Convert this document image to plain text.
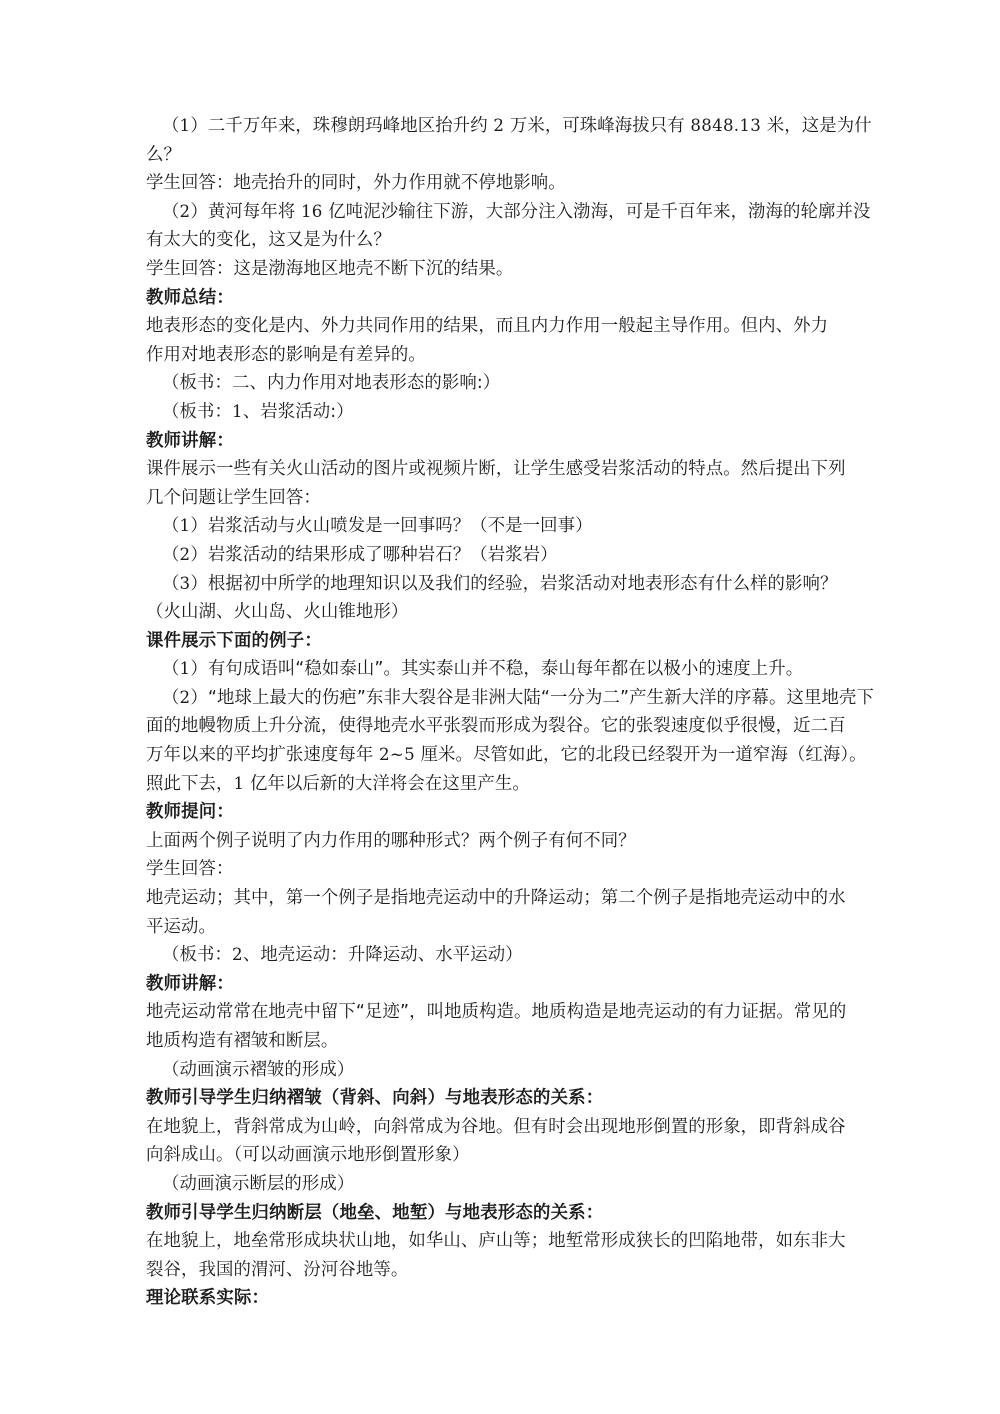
（1）二千万年来，珠穆朗玛峰地区抬升约 2 万米，可珠峰海拔只有 8848.13 米，这是为什
么？
学生回答：地壳抬升的同时，外力作用就不停地影响。
（2）黄河每年将 16 亿吨泥沙输往下游，大部分注入渤海，可是千百年来，渤海的轮廓并没
有太大的变化，这又是为什么？
学生回答：这是渤海地区地壳不断下沉的结果。
教师总结：
地表形态的变化是内、外力共同作用的结果，而且内力作用一般起主导作用。但内、外力
作用对地表形态的影响是有差异的。
（板书：二、内力作用对地表形态的影响:）
（板书：1、岩浆活动:）
教师讲解：
课件展示一些有关火山活动的图片或视频片断，让学生感受岩浆活动的特点。然后提出下列
几个问题让学生回答：
（1）岩浆活动与火山喷发是一回事吗？（不是一回事）
（2）岩浆活动的结果形成了哪种岩石？（岩浆岩）
（3）根据初中所学的地理知识以及我们的经验，岩浆活动对地表形态有什么样的影响？
（火山湖、火山岛、火山锥地形）
课件展示下面的例子：
（1）有句成语叫“稳如泰山”。其实泰山并不稳，泰山每年都在以极小的速度上升。
（2）“地球上最大的伤疤”东非大裂谷是非洲大陆“一分为二”产生新大洋的序幕。这里地壳下
面的地幔物质上升分流，使得地壳水平张裂而形成为裂谷。它的张裂速度似乎很慢，近二百
万年以来的平均扩张速度每年 2~5 厘米。尽管如此，它的北段已经裂开为一道窄海（红海）。
照此下去，1 亿年以后新的大洋将会在这里产生。
教师提问：
上面两个例子说明了内力作用的哪种形式？两个例子有何不同？
学生回答：
地壳运动；其中，第一个例子是指地壳运动中的升降运动；第二个例子是指地壳运动中的水
平运动。
（板书：2、地壳运动：升降运动、水平运动）
教师讲解：
地壳运动常常在地壳中留下“足迹”，叫地质构造。地质构造是地壳运动的有力证据。常见的
地质构造有褶皱和断层。
（动画演示褶皱的形成）
教师引导学生归纳褶皱（背斜、向斜）与地表形态的关系：
在地貌上，背斜常成为山岭，向斜常成为谷地。但有时会出现地形倒置的形象，即背斜成谷
向斜成山。（可以动画演示地形倒置形象）
（动画演示断层的形成）
教师引导学生归纳断层（地垒、地堑）与地表形态的关系：
在地貌上，地垒常形成块状山地，如华山、庐山等；地堑常形成狭长的凹陷地带，如东非大
裂谷，我国的渭河、汾河谷地等。
理论联系实际：
